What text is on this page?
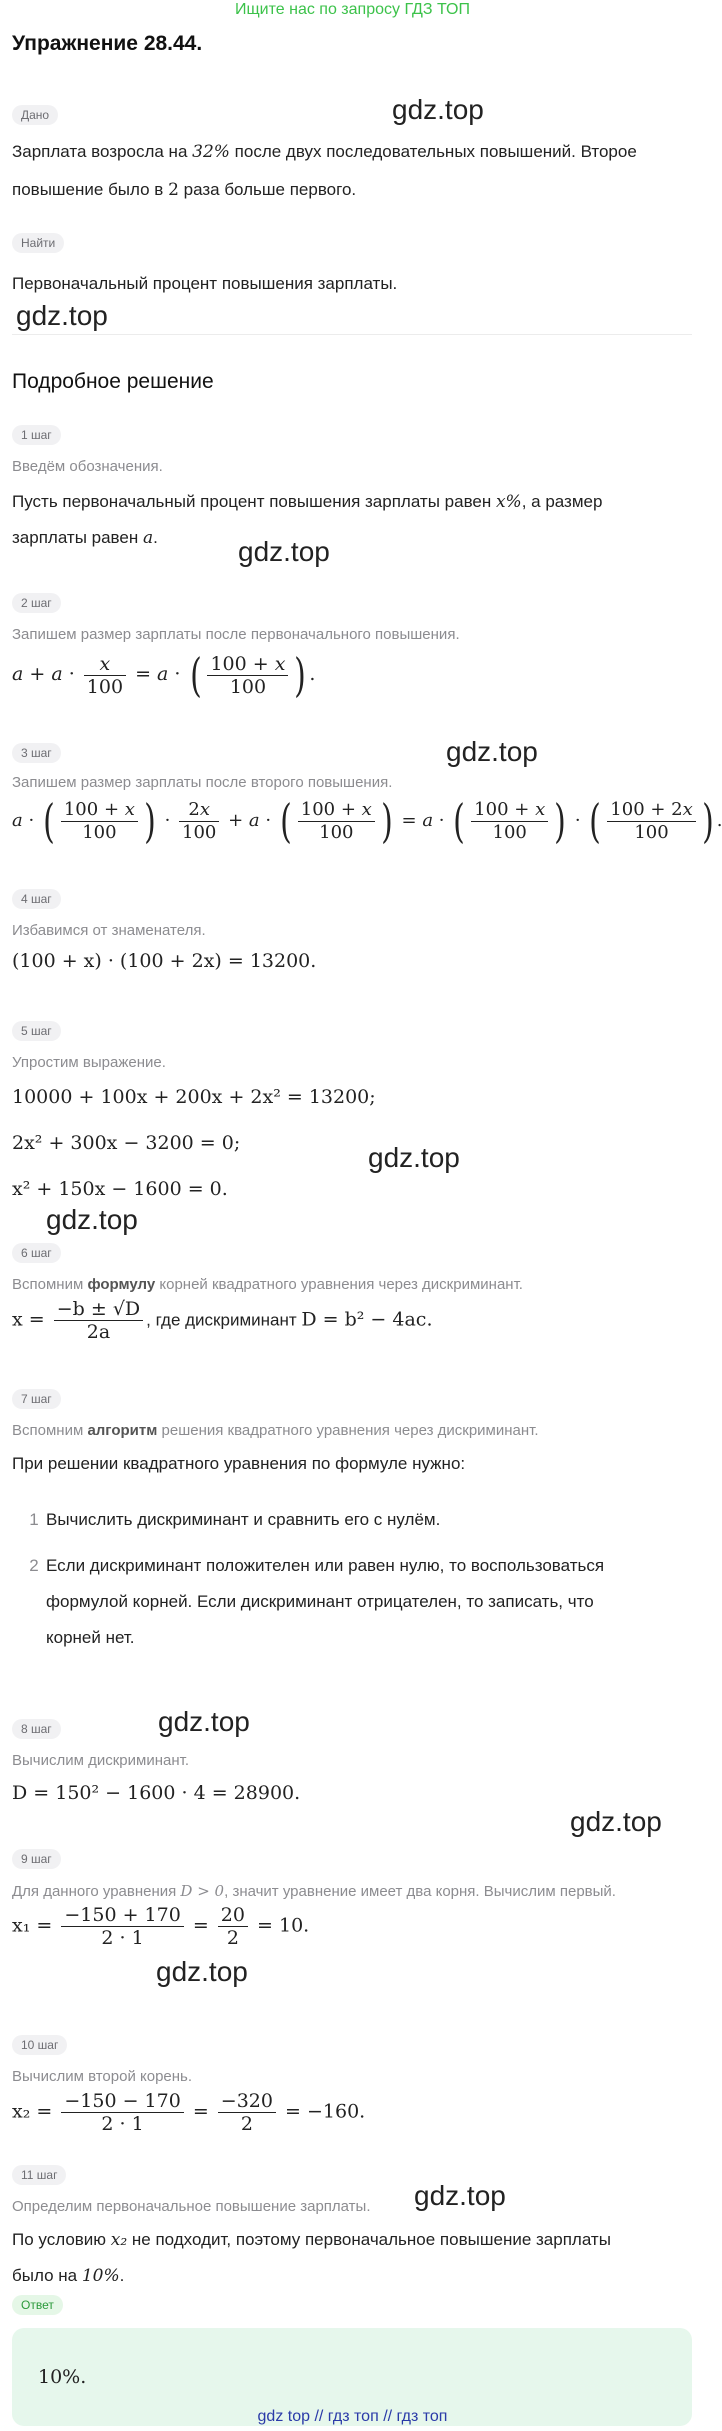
Ищите нас по запросу ГДЗ ТОП
Упражнение 28.44.
Дано	gdz.top
Зарплата возросла на 32% после двух последовательных повышений. Второе
повышение было в 2 раза больше первого.
Найти
Первоначальный процент повышения зарплаты.
gdz.top
Подробное решение
1 шаг
Введём обозначения.
Пусть первоначальный процент повышения зарплаты равен x%, а размер
зарплаты равен a.	gdz.top
2 шаг
Запишем размер зарплаты после первоначального повышения.
$a + a \cdot \frac{x}{100} = a$ · ( $\frac{100 + x}{100}$ ) .
gdz.top
3 шаг
Запишем размер зарплаты после второго повышения.
a · ( $\frac{100 + x}{100}$ ) · $\frac{2x}{100} + a$ · ( $\frac{100 + x}{100}$ ) = a · ( $\frac{100 + x}{100}$ ) · ( $\frac{100 + 2x}{100}$ ) .
4 шаг
Избавимся от знаменателя.
(100 + x) · (100 + 2x) = 13200.
5 шаг
Упростим выражение.
10000 + 100x + 200x + 2x² = 13200;
2x² + 300x − 3200 = 0;	gdz.top
x² + 150x − 1600 = 0.
gdz.top
6 шаг
Вспомним формулу корней квадратного уравнения через дискриминант.
$x = \frac{-b \pm √D}{2a}$ , где дискриминант D = b² − 4ac.
7 шаг
Вспомним алгоритм решения квадратного уравнения через дискриминант.
При решении квадратного уравнения по формуле нужно:
1 Вычислить дискриминант и сравнить его с нулём.
2 Если дискриминант положителен или равен нулю, то воспользоваться
формулой корней. Если дискриминант отрицателен, то записать, что
корней нет.
gdz.top
8 шаг
Вычислим дискриминант.
D = 150² − 1600 · 4 = 28900.
gdz.top
9 шаг
Для данного уравнения D > 0, значит уравнение имеет два корня. Вычислим первый.
$x_1 = \frac{-150 + 170}{2 \cdot 1} = \frac{20}{2} = 10$.
gdz.top
10 шаг
Вычислим второй корень.
$x_2 = \frac{-150 - 170}{2 \cdot 1} = \frac{-320}{2} = -160$.
11 шаг
Определим первоначальное повышение зарплаты. gdz.top
По условию x₂ не подходит, поэтому первоначальное повышение зарплаты
было на 10%.
Ответ
10%.
gdz top // гдз топ // гдз топ
